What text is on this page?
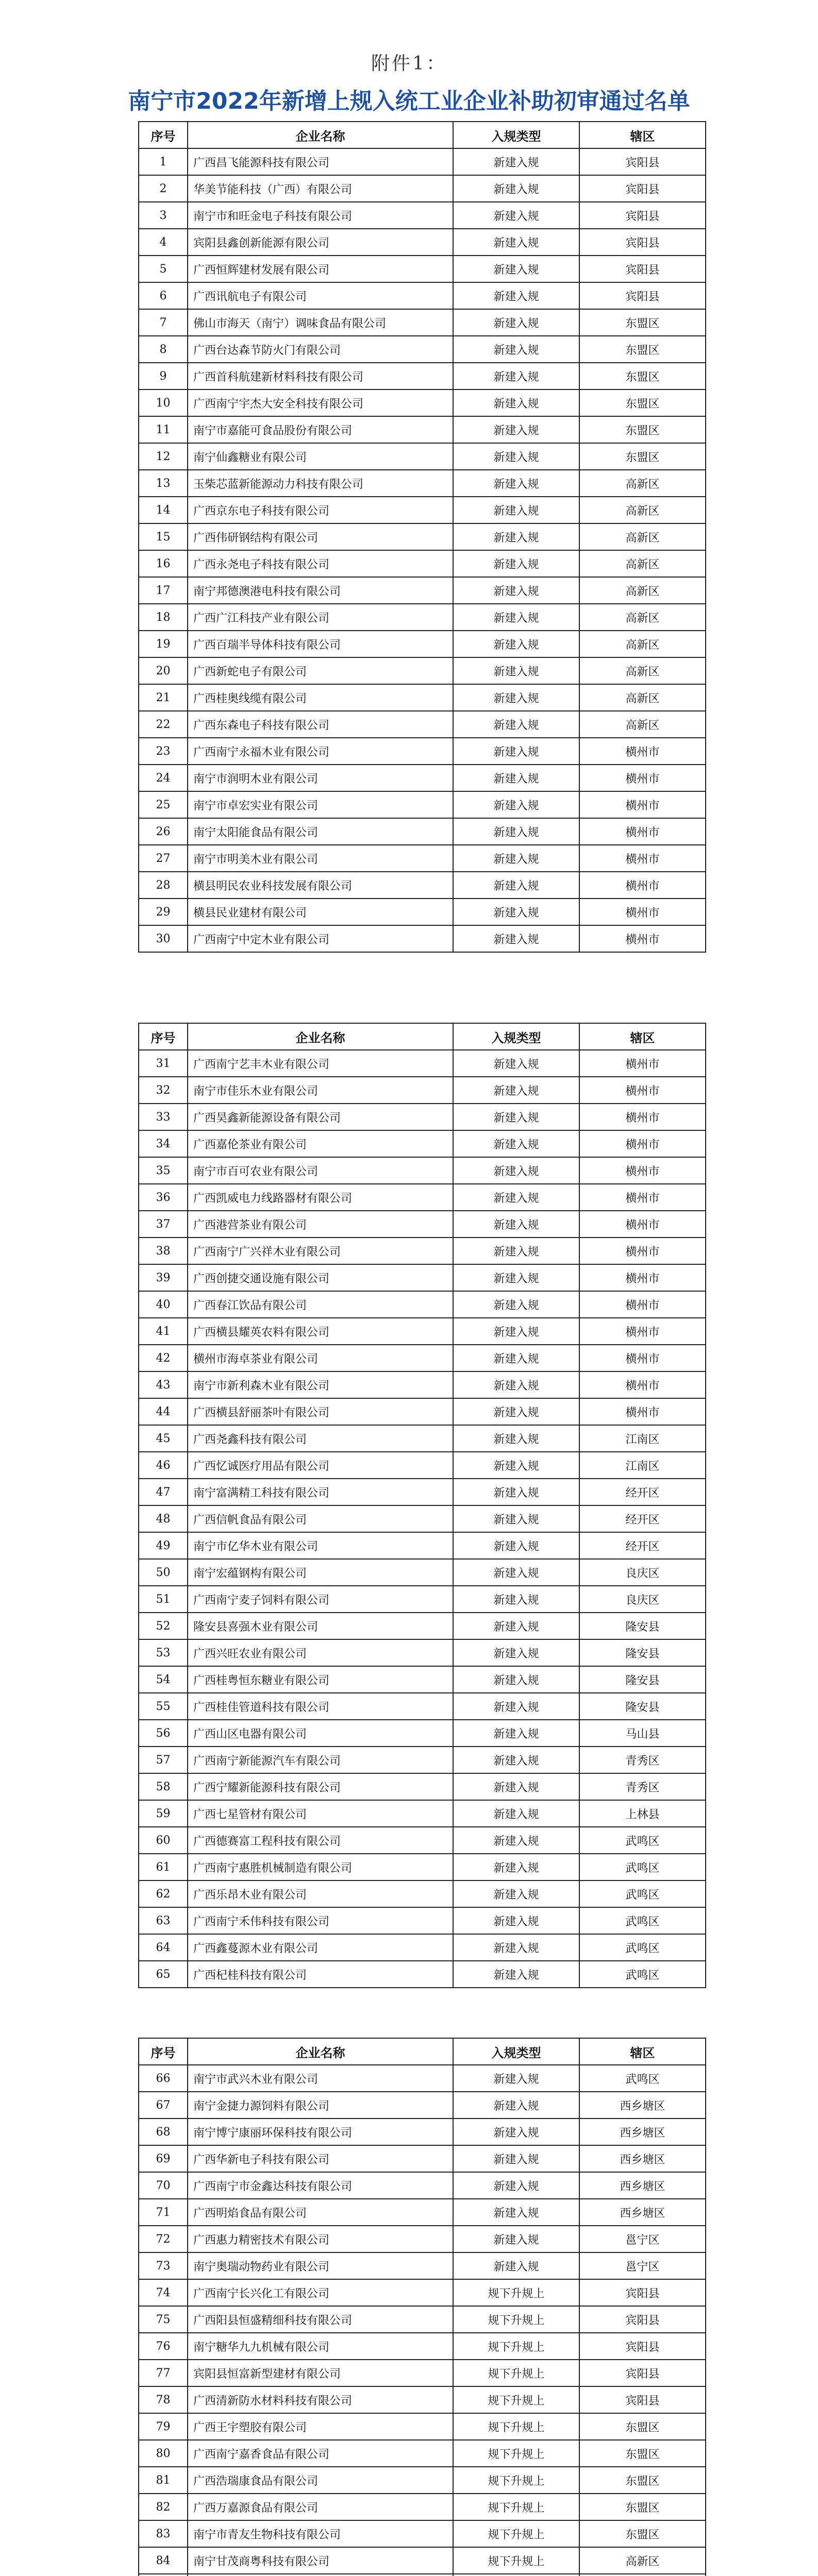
附件1：
南宁市2022年新增上规入统工业企业补助初审通过名单
序号	企业名称	入规类型	辖区
1	广西昌飞能源科技有限公司	新建入规	宾阳县
2	华美节能科技（广西）有限公司	新建入规	宾阳县
3	南宁市和旺金电子科技有限公司	新建入规	宾阳县
4	宾阳县鑫创新能源有限公司	新建入规	宾阳县
5	广西恒辉建材发展有限公司	新建入规	宾阳县
6	广西讯航电子有限公司	新建入规	宾阳县
7	佛山市海天（南宁）调味食品有限公司	新建入规	东盟区
8	广西台达森节防火门有限公司	新建入规	东盟区
9	广西首科航建新材料科技有限公司	新建入规	东盟区
10	广西南宁宇杰大安全科技有限公司	新建入规	东盟区
11	南宁市嘉能可食品股份有限公司	新建入规	东盟区
12	南宁仙鑫糖业有限公司	新建入规	东盟区
13	玉柴芯蓝新能源动力科技有限公司	新建入规	高新区
14	广西京东电子科技有限公司	新建入规	高新区
15	广西伟研钢结构有限公司	新建入规	高新区
16	广西永尧电子科技有限公司	新建入规	高新区
17	南宁邦德澳港电科技有限公司	新建入规	高新区
18	广西广江科技产业有限公司	新建入规	高新区
19	广西百瑞半导体科技有限公司	新建入规	高新区
20	广西新蛇电子有限公司	新建入规	高新区
21	广西桂奥线缆有限公司	新建入规	高新区
22	广西东森电子科技有限公司	新建入规	高新区
23	广西南宁永福木业有限公司	新建入规	横州市
24	南宁市润明木业有限公司	新建入规	横州市
25	南宁市卓宏实业有限公司	新建入规	横州市
26	南宁太阳能食品有限公司	新建入规	横州市
27	南宁市明美木业有限公司	新建入规	横州市
28	横县明民农业科技发展有限公司	新建入规	横州市
29	横县民业建材有限公司	新建入规	横州市
30	广西南宁中定木业有限公司	新建入规	横州市
序号	企业名称	入规类型	辖区
31	广西南宁艺丰木业有限公司	新建入规	横州市
32	南宁市佳乐木业有限公司	新建入规	横州市
33	广西昊鑫新能源设备有限公司	新建入规	横州市
34	广西嘉伦茶业有限公司	新建入规	横州市
35	南宁市百可农业有限公司	新建入规	横州市
36	广西凯威电力线路器材有限公司	新建入规	横州市
37	广西港营茶业有限公司	新建入规	横州市
38	广西南宁广兴祥木业有限公司	新建入规	横州市
39	广西创捷交通设施有限公司	新建入规	横州市
40	广西春江饮品有限公司	新建入规	横州市
41	广西横县耀英农料有限公司	新建入规	横州市
42	横州市海卓茶业有限公司	新建入规	横州市
43	南宁市新利森木业有限公司	新建入规	横州市
44	广西横县舒丽茶叶有限公司	新建入规	横州市
45	广西尧鑫科技有限公司	新建入规	江南区
46	广西忆诚医疗用品有限公司	新建入规	江南区
47	南宁富满精工科技有限公司	新建入规	经开区
48	广西信帆食品有限公司	新建入规	经开区
49	南宁市亿华木业有限公司	新建入规	经开区
50	南宁宏蕴钢构有限公司	新建入规	良庆区
51	广西南宁麦子饲料有限公司	新建入规	良庆区
52	隆安县喜强木业有限公司	新建入规	隆安县
53	广西兴旺农业有限公司	新建入规	隆安县
54	广西桂粤恒东糖业有限公司	新建入规	隆安县
55	广西桂佳管道科技有限公司	新建入规	隆安县
56	广西山区电器有限公司	新建入规	马山县
57	广西南宁新能源汽车有限公司	新建入规	青秀区
58	广西宁耀新能源科技有限公司	新建入规	青秀区
59	广西七星管材有限公司	新建入规	上林县
60	广西德赛富工程科技有限公司	新建入规	武鸣区
61	广西南宁惠胜机械制造有限公司	新建入规	武鸣区
62	广西乐昂木业有限公司	新建入规	武鸣区
63	广西南宁禾伟科技有限公司	新建入规	武鸣区
64	广西鑫蔓源木业有限公司	新建入规	武鸣区
65	广西杞桂科技有限公司	新建入规	武鸣区
序号	企业名称	入规类型	辖区
66	南宁市武兴木业有限公司	新建入规	武鸣区
67	南宁金捷力源饲料有限公司	新建入规	西乡塘区
68	南宁博宁康丽环保科技有限公司	新建入规	西乡塘区
69	广西华新电子科技有限公司	新建入规	西乡塘区
70	广西南宁市金鑫达科技有限公司	新建入规	西乡塘区
71	广西明焰食品有限公司	新建入规	西乡塘区
72	广西惠力精密技术有限公司	新建入规	邕宁区
73	南宁奥瑞动物药业有限公司	新建入规	邕宁区
74	广西南宁长兴化工有限公司	规下升规上	宾阳县
75	广西阳县恒盛精细科技有限公司	规下升规上	宾阳县
76	南宁糖华九九机械有限公司	规下升规上	宾阳县
77	宾阳县恒富新型建材有限公司	规下升规上	宾阳县
78	广西清新防水材料科技有限公司	规下升规上	宾阳县
79	广西王宇塑胶有限公司	规下升规上	东盟区
80	广西南宁嘉香食品有限公司	规下升规上	东盟区
81	广西浩瑞康食品有限公司	规下升规上	东盟区
82	广西万嘉源食品有限公司	规下升规上	东盟区
83	南宁市青友生物科技有限公司	规下升规上	东盟区
84	南宁甘茂商粤科技有限公司	规下升规上	高新区
